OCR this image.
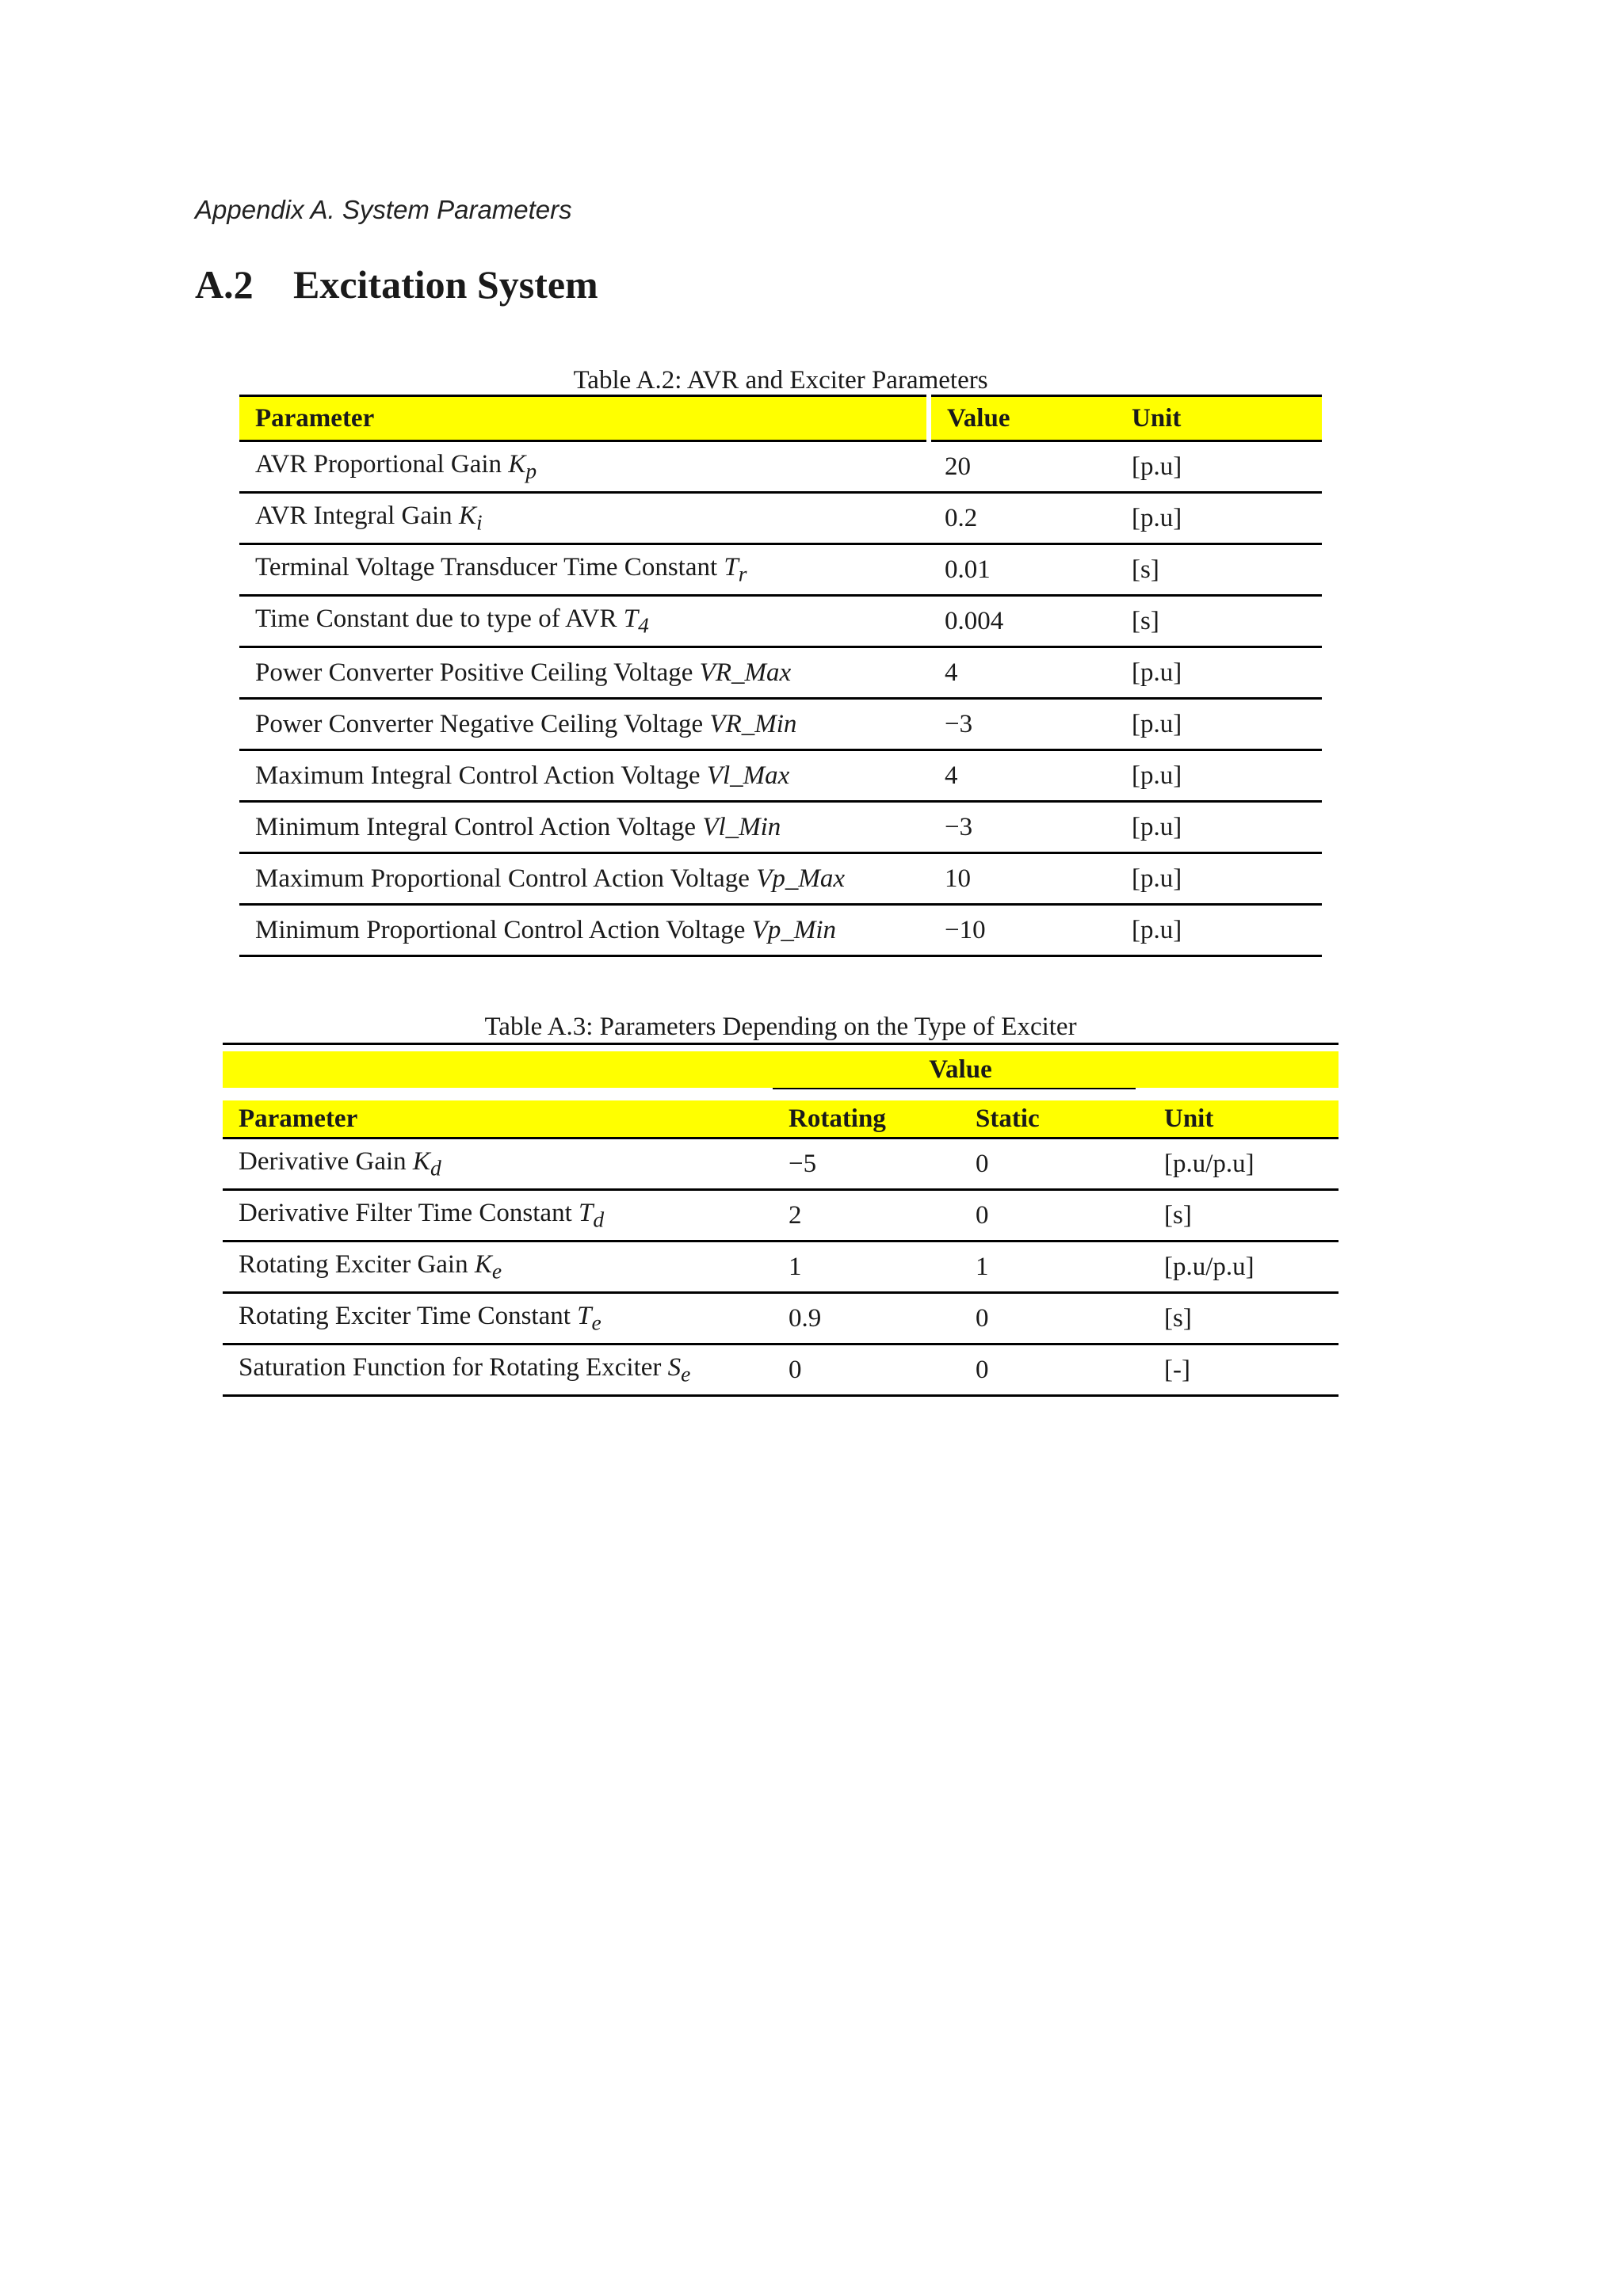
Appendix A. System Parameters
A.2 Excitation System
Table A.2: AVR and Exciter Parameters
Parameter	Value	Unit
AVR Proportional Gain $K_p$	20	[p.u]
AVR Integral Gain $K_i$	0.2	[p.u]
Terminal Voltage Transducer Time Constant $T_r$	0.01	[s]
Time Constant due to type of AVR $T_4$	0.004	[s]
Power Converter Positive Ceiling Voltage VR_Max	4	[p.u]
Power Converter Negative Ceiling Voltage VR_Min	−3	[p.u]
Maximum Integral Control Action Voltage Vl_Max	4	[p.u]
Minimum Integral Control Action Voltage Vl_Min	−3	[p.u]
Maximum Proportional Control Action Voltage Vp_Max	10	[p.u]
Minimum Proportional Control Action Voltage Vp_Min	−10	[p.u]
Table A.3: Parameters Depending on the Type of Exciter

	Value		

Parameter	Rotating	Static	Unit
Derivative Gain $K_d$	−5	0	[p.u/p.u]
Derivative Filter Time Constant $T_d$	2	0	[s]
Rotating Exciter Gain $K_e$	1	1	[p.u/p.u]
Rotating Exciter Time Constant $T_e$	0.9	0	[s]
Saturation Function for Rotating Exciter $S_e$	0	0	[-]
